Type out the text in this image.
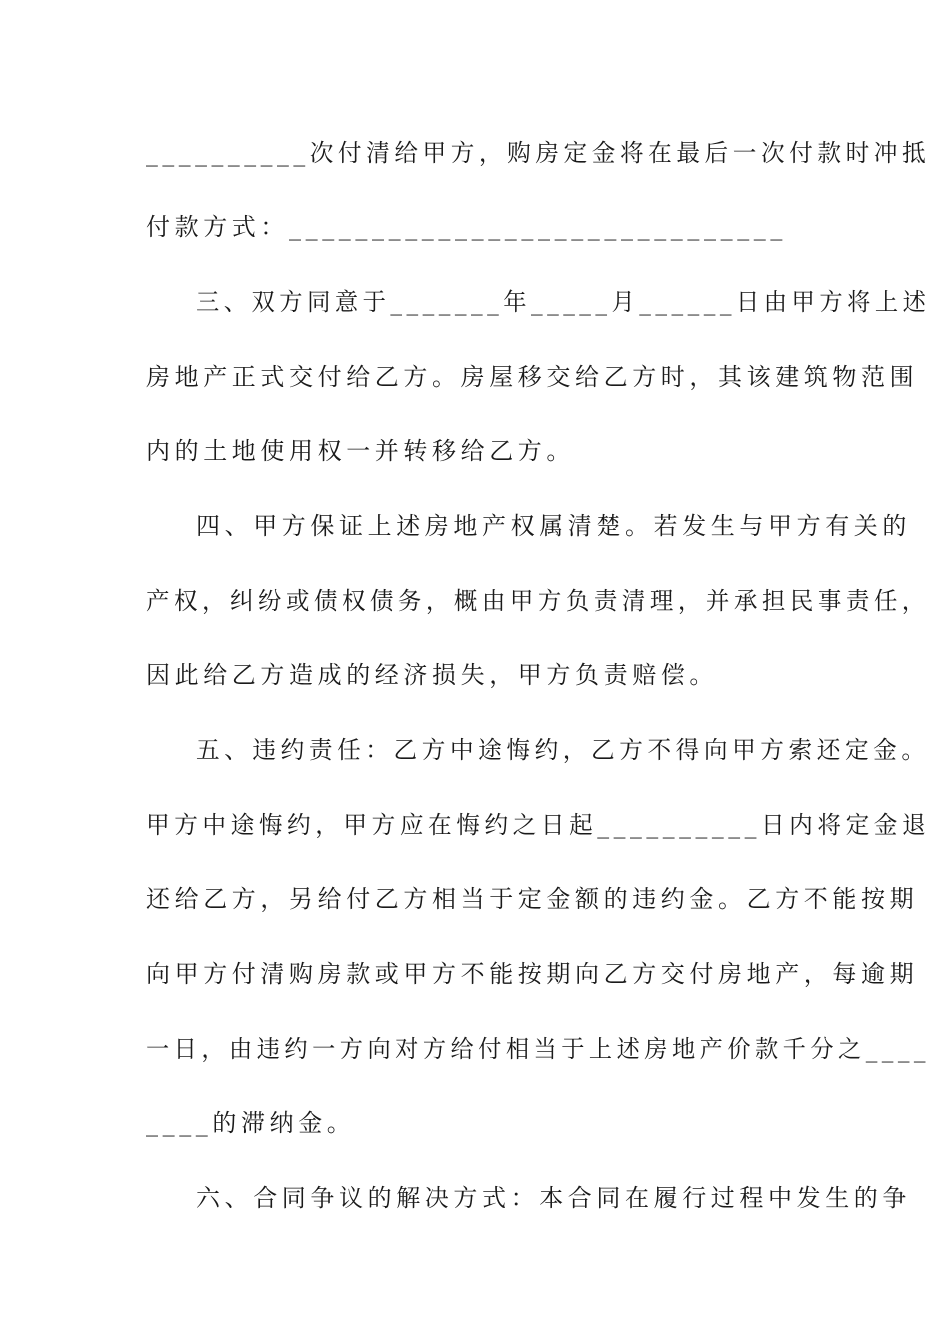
__________次付清给甲方，购房定金将在最后一次付款时冲抵
付款方式：______________________________
三、双方同意于_______年_____月______日由甲方将上述
房地产正式交付给乙方。房屋移交给乙方时，其该建筑物范围
内的土地使用权一并转移给乙方。
四、甲方保证上述房地产权属清楚。若发生与甲方有关的
产权，纠纷或债权债务，概由甲方负责清理，并承担民事责任，
因此给乙方造成的经济损失，甲方负责赔偿。
五、违约责任：乙方中途悔约，乙方不得向甲方索还定金。
甲方中途悔约，甲方应在悔约之日起__________日内将定金退
还给乙方，另给付乙方相当于定金额的违约金。乙方不能按期
向甲方付清购房款或甲方不能按期向乙方交付房地产，每逾期
一日，由违约一方向对方给付相当于上述房地产价款千分之____
____的滞纳金。
六、合同争议的解决方式：本合同在履行过程中发生的争
